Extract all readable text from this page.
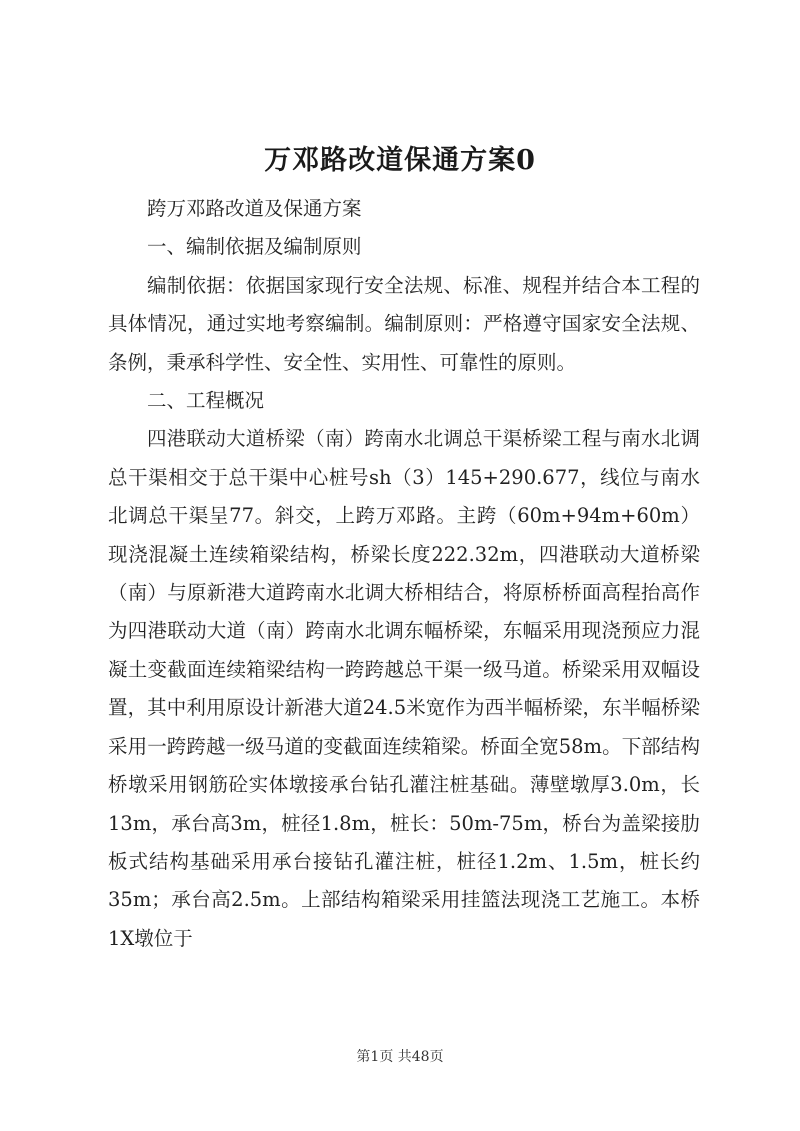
万邓路改道保通方案0

跨万邓路改道及保通方案

一、编制依据及编制原则

编制依据：依据国家现行安全法规、标准、规程并结合本工程的具体情况，通过实地考察编制。编制原则：严格遵守国家安全法规、条例，秉承科学性、安全性、实用性、可靠性的原则。

二、工程概况

四港联动大道桥梁（南）跨南水北调总干渠桥梁工程与南水北调总干渠相交于总干渠中心桩号sh（3）145+290.677，线位与南水北调总干渠呈77。斜交，上跨万邓路。主跨（60m+94m+60m）现浇混凝土连续箱梁结构，桥梁长度222.32m，四港联动大道桥梁（南）与原新港大道跨南水北调大桥相结合，将原桥桥面高程抬高作为四港联动大道（南）跨南水北调东幅桥梁，东幅采用现浇预应力混凝土变截面连续箱梁结构一跨跨越总干渠一级马道。桥梁采用双幅设置，其中利用原设计新港大道24.5米宽作为西半幅桥梁，东半幅桥梁采用一跨跨越一级马道的变截面连续箱梁。桥面全宽58m。下部结构桥墩采用钢筋砼实体墩接承台钻孔灌注桩基础。薄壁墩厚3.0m，长13m，承台高3m，桩径1.8m，桩长：50m-75m，桥台为盖梁接肋板式结构基础采用承台接钻孔灌注桩，桩径1.2m、1.5m，桩长约35m；承台高2.5m。上部结构箱梁采用挂篮法现浇工艺施工。本桥1X墩位于

第1页 共48页
